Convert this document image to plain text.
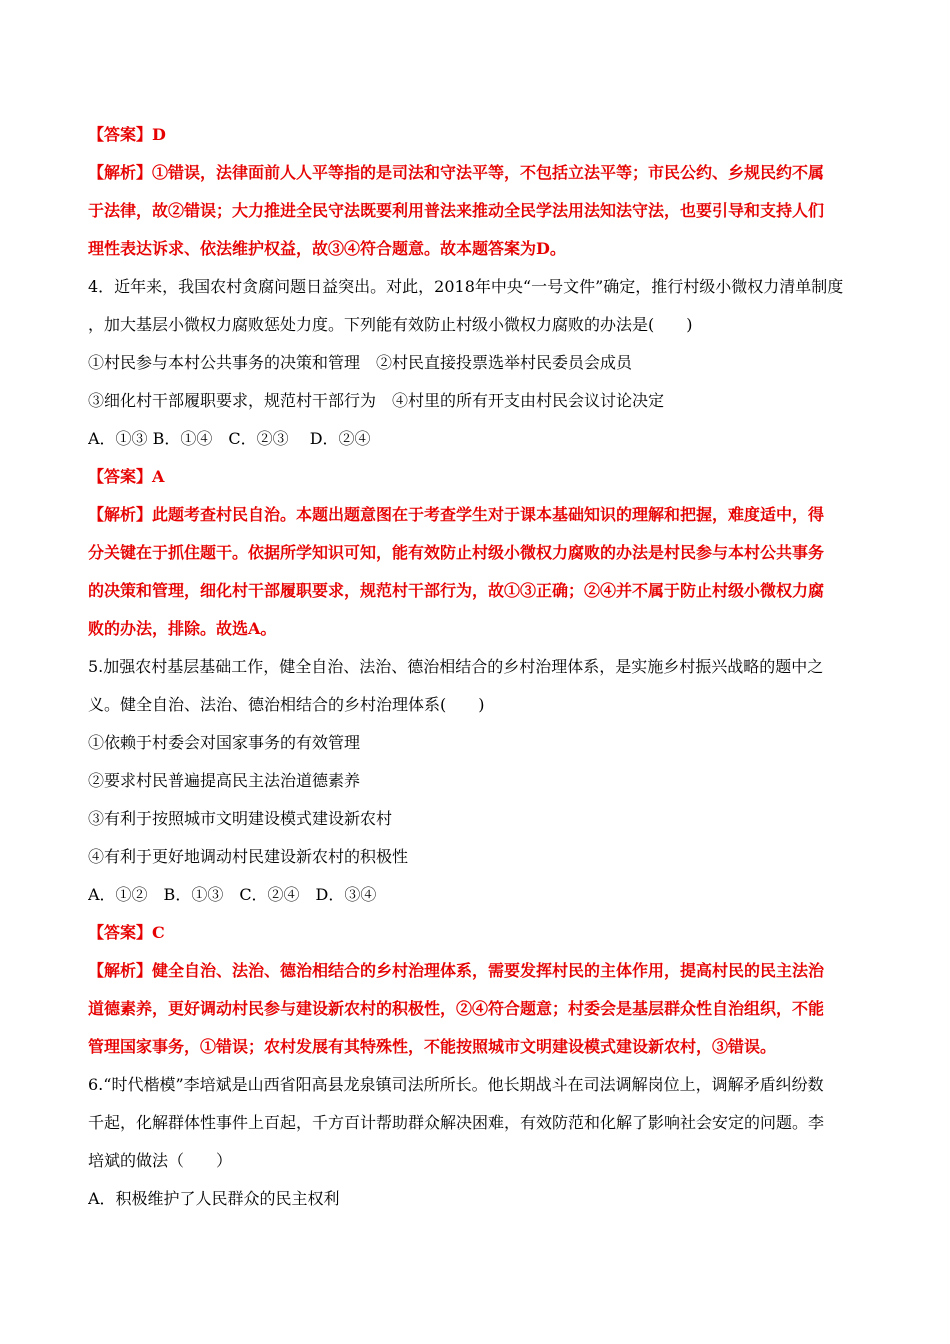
【答案】D
【解析】①错误，法律面前人人平等指的是司法和守法平等，不包括立法平等；市民公约、乡规民约不属
于法律，故②错误；大力推进全民守法既要利用普法来推动全民学法用法知法守法，也要引导和支持人们
理性表达诉求、依法维护权益，故③④符合题意。故本题答案为D。
4．近年来，我国农村贪腐问题日益突出。对此，2018年中央“一号文件”确定，推行村级小微权力清单制度
，加大基层小微权力腐败惩处力度。下列能有效防止村级小微权力腐败的办法是(　　)
①村民参与本村公共事务的决策和管理　②村民直接投票选举村民委员会成员
③细化村干部履职要求，规范村干部行为　④村里的所有开支由村民会议讨论决定
A．①③ B．①④　C．②③　 D．②④
【答案】A
【解析】此题考查村民自治。本题出题意图在于考查学生对于课本基础知识的理解和把握，难度适中，得
分关键在于抓住题干。依据所学知识可知，能有效防止村级小微权力腐败的办法是村民参与本村公共事务
的决策和管理，细化村干部履职要求，规范村干部行为，故①③正确；②④并不属于防止村级小微权力腐
败的办法，排除。故选A。
5.加强农村基层基础工作，健全自治、法治、德治相结合的乡村治理体系，是实施乡村振兴战略的题中之
义。健全自治、法治、德治相结合的乡村治理体系(　　)
①依赖于村委会对国家事务的有效管理
②要求村民普遍提高民主法治道德素养
③有利于按照城市文明建设模式建设新农村
④有利于更好地调动村民建设新农村的积极性
A．①②　B．①③　C．②④　D．③④
【答案】C
【解析】健全自治、法治、德治相结合的乡村治理体系，需要发挥村民的主体作用，提高村民的民主法治
道德素养，更好调动村民参与建设新农村的积极性，②④符合题意；村委会是基层群众性自治组织，不能
管理国家事务，①错误；农村发展有其特殊性，不能按照城市文明建设模式建设新农村，③错误。
6.“时代楷模”李培斌是山西省阳高县龙泉镇司法所所长。他长期战斗在司法调解岗位上，调解矛盾纠纷数
千起，化解群体性事件上百起，千方百计帮助群众解决困难，有效防范和化解了影响社会安定的问题。李
培斌的做法（　　）
A．积极维护了人民群众的民主权利
